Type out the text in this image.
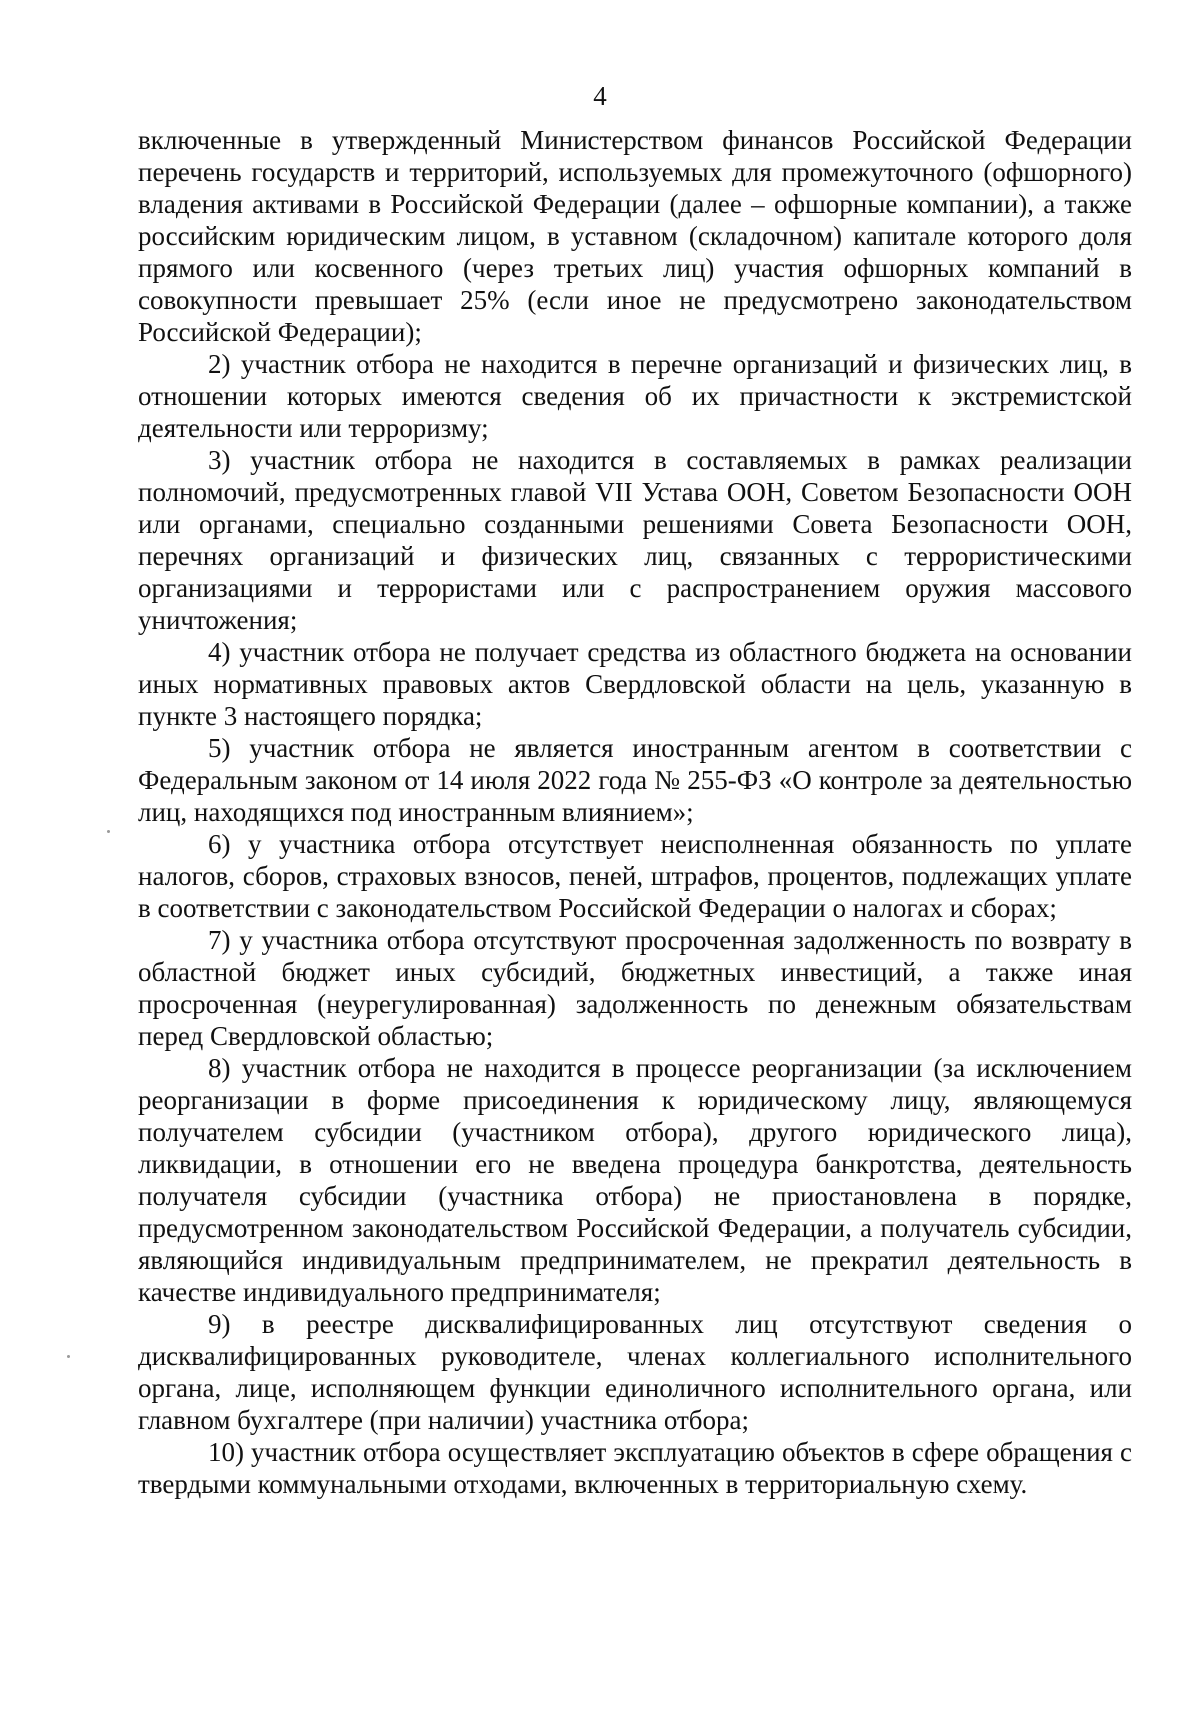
4

включенные в утвержденный Министерством финансов Российской Федерации перечень государств и территорий, используемых для промежуточного (офшорного) владения активами в Российской Федерации (далее – офшорные компании), а также российским юридическим лицом, в уставном (складочном) капитале которого доля прямого или косвенного (через третьих лиц) участия офшорных компаний в совокупности превышает 25% (если иное не предусмотрено законодательством Российской Федерации);

2) участник отбора не находится в перечне организаций и физических лиц, в отношении которых имеются сведения об их причастности к экстремистской деятельности или терроризму;

3) участник отбора не находится в составляемых в рамках реализации полномочий, предусмотренных главой VII Устава ООН, Советом Безопасности ООН или органами, специально созданными решениями Совета Безопасности ООН, перечнях организаций и физических лиц, связанных с террористическими организациями и террористами или с распространением оружия массового уничтожения;

4) участник отбора не получает средства из областного бюджета на основании иных нормативных правовых актов Свердловской области на цель, указанную в пункте 3 настоящего порядка;

5) участник отбора не является иностранным агентом в соответствии с Федеральным законом от 14 июля 2022 года № 255-ФЗ «О контроле за деятельностью лиц, находящихся под иностранным влиянием»;

6) у участника отбора отсутствует неисполненная обязанность по уплате налогов, сборов, страховых взносов, пеней, штрафов, процентов, подлежащих уплате в соответствии с законодательством Российской Федерации о налогах и сборах;

7) у участника отбора отсутствуют просроченная задолженность по возврату в областной бюджет иных субсидий, бюджетных инвестиций, а также иная просроченная (неурегулированная) задолженность по денежным обязательствам перед Свердловской областью;

8) участник отбора не находится в процессе реорганизации (за исключением реорганизации в форме присоединения к юридическому лицу, являющемуся получателем субсидии (участником отбора), другого юридического лица), ликвидации, в отношении его не введена процедура банкротства, деятельность получателя субсидии (участника отбора) не приостановлена в порядке, предусмотренном законодательством Российской Федерации, а получатель субсидии, являющийся индивидуальным предпринимателем, не прекратил деятельность в качестве индивидуального предпринимателя;

9) в реестре дисквалифицированных лиц отсутствуют сведения о дисквалифицированных руководителе, членах коллегиального исполнительного органа, лице, исполняющем функции единоличного исполнительного органа, или главном бухгалтере (при наличии) участника отбора;

10) участник отбора осуществляет эксплуатацию объектов в сфере обращения с твердыми коммунальными отходами, включенных в территориальную схему.
